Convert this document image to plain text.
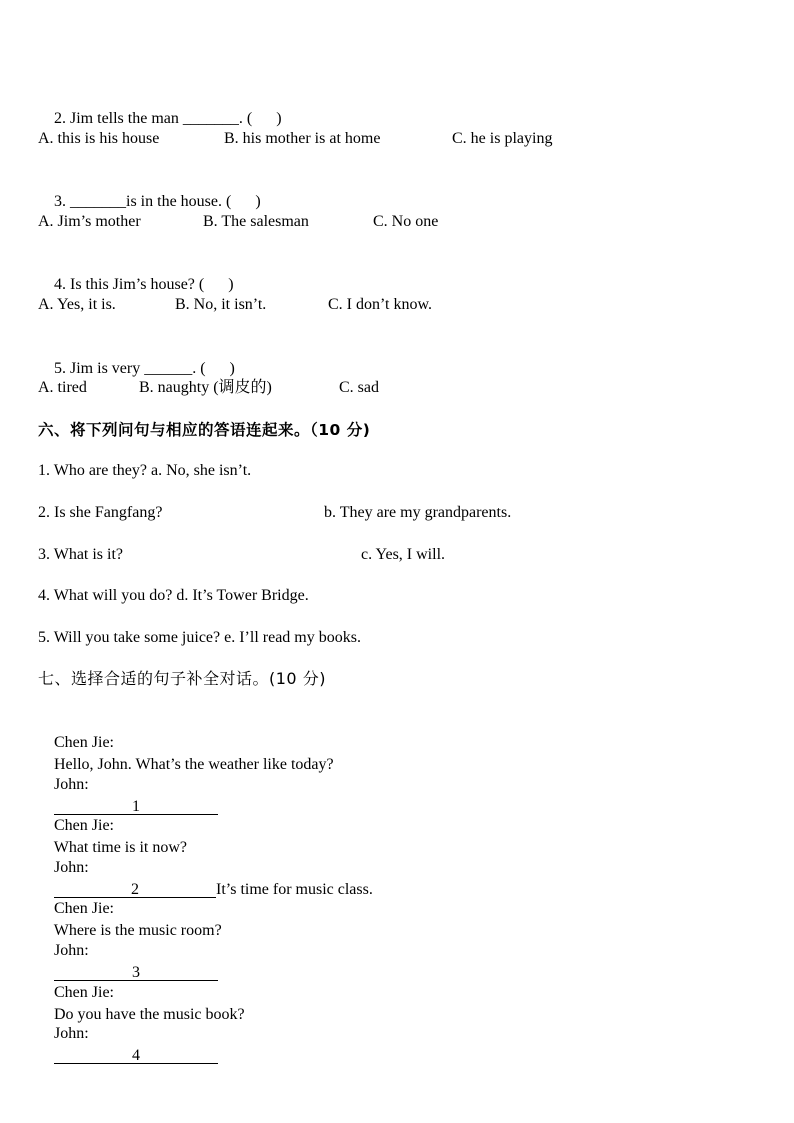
2. Jim tells the man _______. (      )

A. this is his house

	B. his mother is at home

	C. he is playing

3. _______is in the house. (      )

A. Jim’s mother

	B. The salesman

	C. No one

4. Is this Jim’s house? (      )

A. Yes, it is.

	B. No, it isn’t.

	C. I don’t know.

5. Jim is very ______. (      )

A. tired

	B. naughty (调皮的)

	C. sad

六、将下列问句与相应的答语连起来。（10 分)

1. Who are they? a. No, she isn’t.

2. Is she Fangfang?

	b. They are my grandparents.

3. What is it?

	c. Yes, I will.

4. What will you do? d. It’s Tower Bridge.

5. Will you take some juice? e. I’ll read my books.

七、选择合适的句子补全对话。(10 分)

Chen Jie:
Hello, John. What’s the weather like today?

John:
1

Chen Jie:
What time is it now?

John:
2	It’s time for music class.

Chen Jie:
Where is the music room?

John:
3

Chen Jie:
Do you have the music book?

John:
4
